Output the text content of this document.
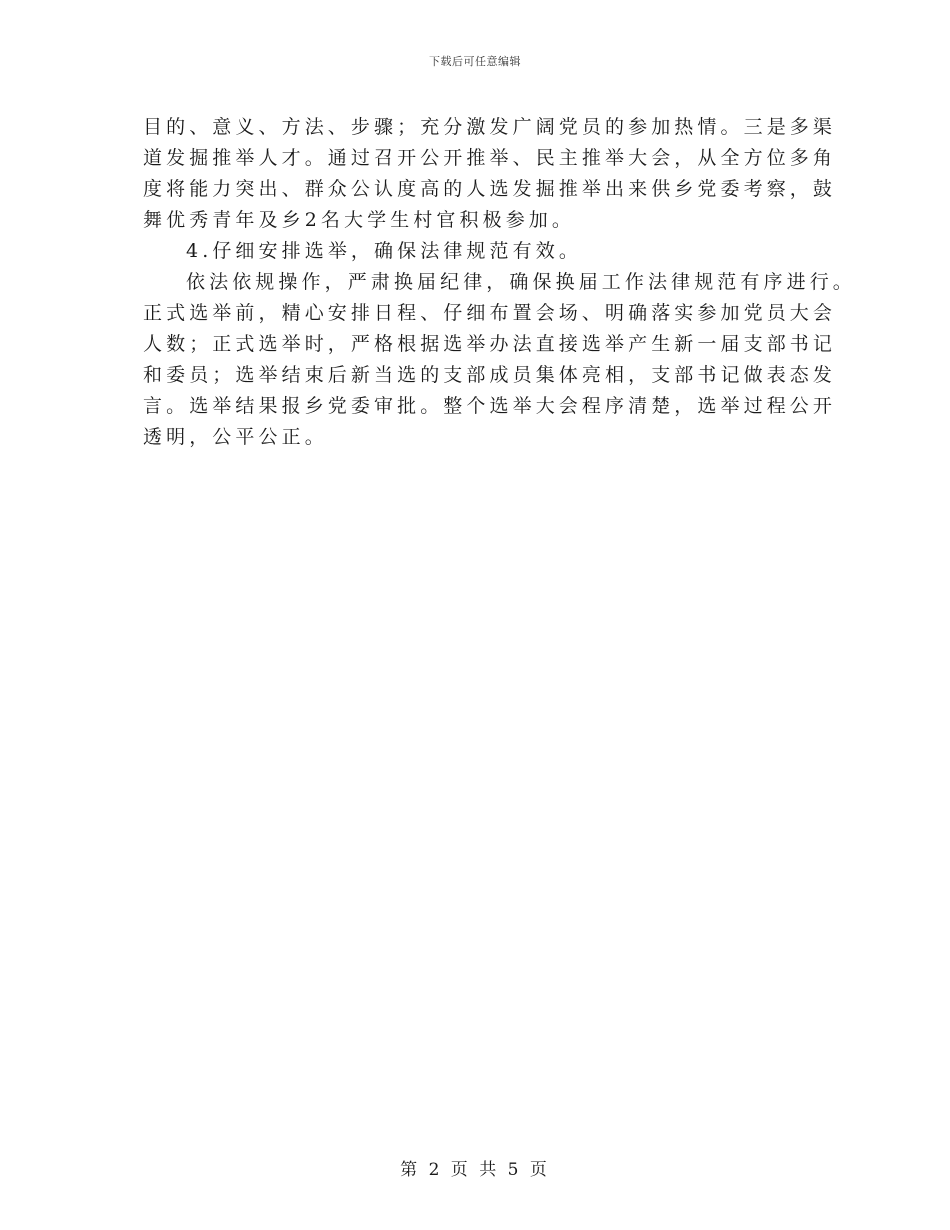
下载后可任意编辑
目的、意义、方法、步骤；充分激发广阔党员的参加热情。三是多渠
道发掘推举人才。通过召开公开推举、民主推举大会，从全方位多角
度将能力突出、群众公认度高的人选发掘推举出来供乡党委考察，鼓
舞优秀青年及乡2名大学生村官积极参加。
4.仔细安排选举，确保法律规范有效。
依法依规操作，严肃换届纪律，确保换届工作法律规范有序进行。
正式选举前，精心安排日程、仔细布置会场、明确落实参加党员大会
人数；正式选举时，严格根据选举办法直接选举产生新一届支部书记
和委员；选举结束后新当选的支部成员集体亮相，支部书记做表态发
言。选举结果报乡党委审批。整个选举大会程序清楚，选举过程公开
透明，公平公正。
第 2 页 共 5 页
